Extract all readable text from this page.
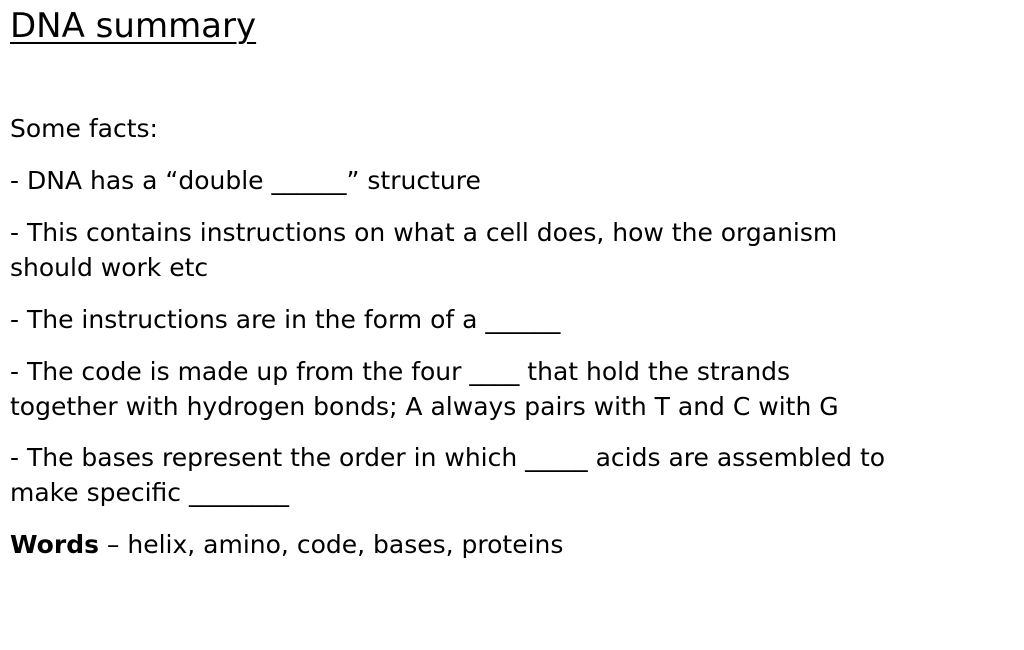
DNA summary
Some facts:
- DNA has a “double ______” structure
- This contains instructions on what a cell does, how the organism
should work etc
- The instructions are in the form of a ______
- The code is made up from the four ____ that hold the strands
together with hydrogen bonds; A always pairs with T and C with G
- The bases represent the order in which _____ acids are assembled to
make specific ________
Words – helix, amino, code, bases, proteins
